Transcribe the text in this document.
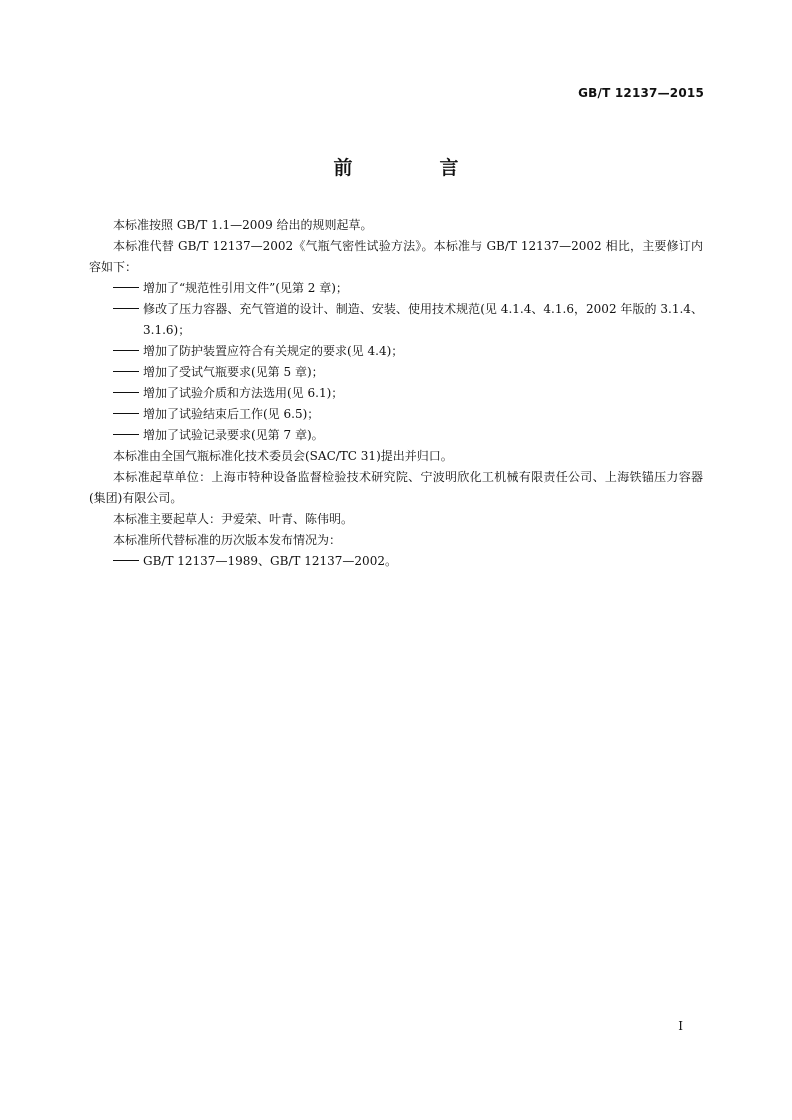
GB/T 12137—2015
前　言

本标准按照 GB/T 1.1—2009 给出的规则起草。

本标准代替 GB/T 12137—2002《气瓶气密性试验方法》。本标准与 GB/T 12137—2002 相比，主要修订内容如下：

增加了“规范性引用文件”(见第 2 章)；

修改了压力容器、充气管道的设计、制造、安装、使用技术规范(见 4.1.4、4.1.6，2002 年版的 3.1.4、3.1.6)；

增加了防护装置应符合有关规定的要求(见 4.4)；

增加了受试气瓶要求(见第 5 章)；

增加了试验介质和方法选用(见 6.1)；

增加了试验结束后工作(见 6.5)；

增加了试验记录要求(见第 7 章)。

本标准由全国气瓶标准化技术委员会(SAC/TC 31)提出并归口。

本标准起草单位：上海市特种设备监督检验技术研究院、宁波明欣化工机械有限责任公司、上海铁锚压力容器(集团)有限公司。

本标准主要起草人：尹爱荣、叶青、陈伟明。

本标准所代替标准的历次版本发布情况为：

GB/T 12137—1989、GB/T 12137—2002。

I
